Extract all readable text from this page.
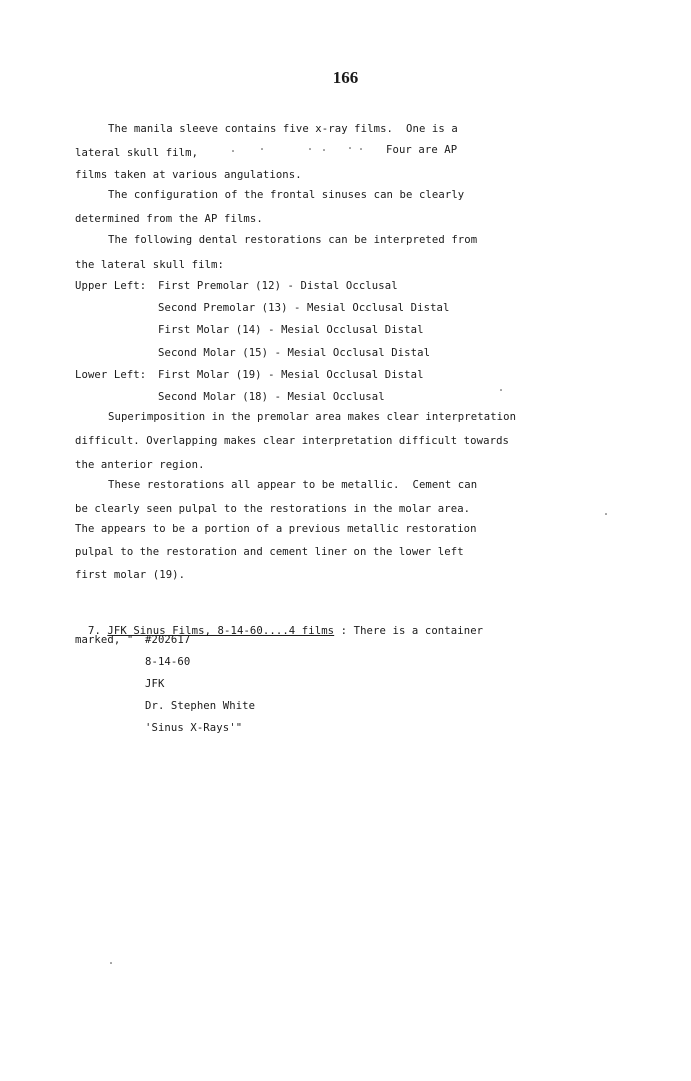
166
The manila sleeve contains five x-ray films.  One is a
lateral skull film,	Four are AP
films taken at various angulations.
The configuration of the frontal sinuses can be clearly
determined from the AP films.
The following dental restorations can be interpreted from
the lateral skull film:
Upper Left: First Premolar (12) - Distal Occlusal
Second Premolar (13) - Mesial Occlusal Distal
First Molar (14) - Mesial Occlusal Distal
Second Molar (15) - Mesial Occlusal Distal
Lower Left: First Molar (19) - Mesial Occlusal Distal
Second Molar (18) - Mesial Occlusal
Superimposition in the premolar area makes clear interpretation
difficult. Overlapping makes clear interpretation difficult towards
the anterior region.
These restorations all appear to be metallic.  Cement can
be clearly seen pulpal to the restorations in the molar area.
The appears to be a portion of a previous metallic restoration
pulpal to the restoration and cement liner on the lower left
first molar (19).

7. JFK Sinus Films, 8-14-60....4 films : There is a container

marked, " #202617
8-14-60
JFK
Dr. Stephen White
'Sinus X-Rays'"
